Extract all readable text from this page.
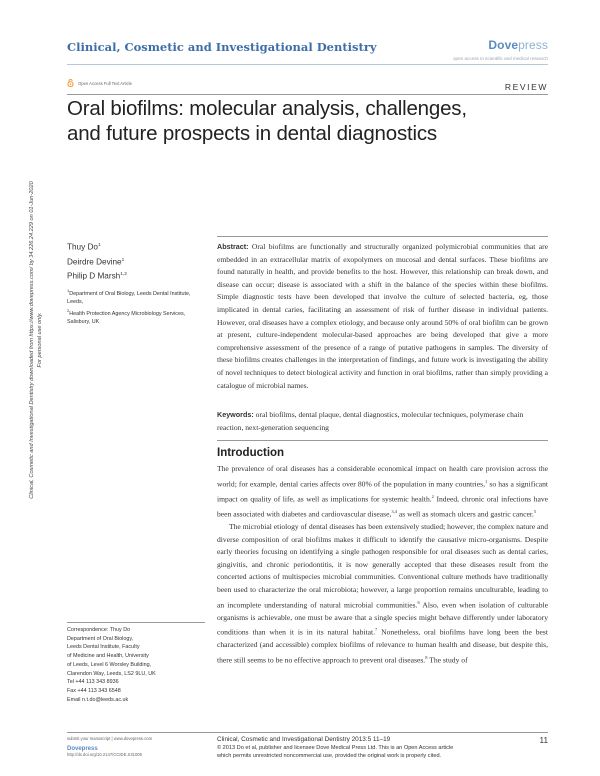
Clinical, Cosmetic and Investigational Dentistry	Dovepress
open access to scientific and medical research
Open Access Full Text Article	REVIEW
Oral biofilms: molecular analysis, challenges,
and future prospects in dental diagnostics
Clinical, Cosmetic and Investigational Dentistry downloaded from https://www.dovepress.com/ by 34.226.24.229 on 01-Jun-2020 For personal use only.
Thuy Do$^1$
Deirdre Devine$^1$
Philip D Marsh$^{1,2}$
$^1$Department of Oral Biology, Leeds Dental Institute, Leeds,
$^2$Health Protection Agency Microbiology Services, Salisbury, UK
Abstract: Oral biofilms are functionally and structurally organized polymicrobial communities that are embedded in an extracellular matrix of exopolymers on mucosal and dental surfaces. These biofilms are found naturally in health, and provide benefits to the host. However, this relationship can break down, and disease can occur; disease is associated with a shift in the balance of the species within these biofilms. Simple diagnostic tests have been developed that involve the culture of selected bacteria, eg, those implicated in dental caries, facilitating an assessment of risk of further disease in individual patients. However, oral diseases have a complex etiology, and because only around 50% of oral biofilm can be grown at present, culture-independent molecular-based approaches are being developed that give a more comprehensive assessment of the presence of a range of putative pathogens in samples. The diversity of these biofilms creates challenges in the interpretation of findings, and future work is investigating the ability of novel techniques to detect biological activity and function in oral biofilms, rather than simply providing a catalogue of microbial names.
Keywords: oral biofilms, dental plaque, dental diagnostics, molecular techniques, polymerase chain reaction, next-generation sequencing
Introduction

The prevalence of oral diseases has a considerable economical impact on health care provision across the world; for example, dental caries affects over 80% of the population in many countries,$^1$ so has a significant impact on quality of life, as well as implications for systemic health.$^2$ Indeed, chronic oral infections have been associated with diabetes and cardiovascular disease,$^{3,4}$ as well as stomach ulcers and gastric cancer.$^5$

The microbial etiology of dental diseases has been extensively studied; however, the complex nature and diverse composition of oral biofilms makes it difficult to identify the causative micro-organisms. Despite early theories focusing on identifying a single pathogen responsible for oral diseases such as dental caries, gingivitis, and chronic periodontitis, it is now generally accepted that these diseases result from the concerted actions of multispecies microbial communities. Conventional culture methods have traditionally been used to characterize the oral microbiota; however, a large proportion remains unculturable, leading to an incomplete understanding of natural microbial communities.$^6$ Also, even when isolation of culturable organisms is achievable, one must be aware that a single species might behave differently under laboratory conditions than when it is in its natural habitat.$^7$ Nonetheless, oral biofilms have long been the best characterized (and accessible) complex biofilms of relevance to human health and disease, but despite this, there still seems to be no effective approach to prevent oral diseases.$^8$ The study of

Correspondence: Thuy Do
Department of Oral Biology,
Leeds Dental Institute, Faculty
of Medicine and Health, University
of Leeds, Level 6 Worsley Building,
Clarendon Way, Leeds, LS2 9LU, UK
Tel +44 113 343 8936
Fax +44 113 343 6548
Email n.t.do@leeds.ac.uk
submit your manuscript | www.dovepress.com
Dovepress
http://dx.doi.org/10.2147/CCIDE.S31005
Clinical, Cosmetic and Investigational Dentistry 2013:5 11–19
© 2013 Do et al, publisher and licensee Dove Medical Press Ltd. This is an Open Access article
which permits unrestricted noncommercial use, provided the original work is properly cited.
11
